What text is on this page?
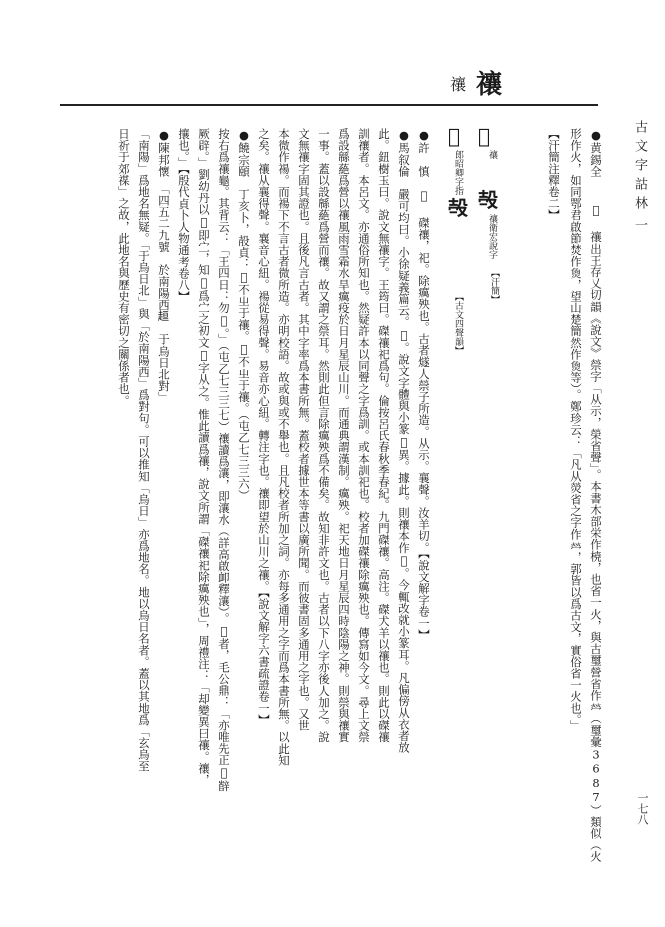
古文字詁林
一
一七八
禳
禳
𥜁
禳
𥜁
郎昭卿字指
𣪊
禳衛宏說字
𣪊
【汗簡】
【古文四聲韻】	●黄錫全　 𥜁 禳出王存乂切韻《說文》禜字「从示，榮省聲」。本書木部栄作𣓤，也省一火，與古璽營省作𤇾（璽彙3687）類似（火
形作火，如同鄂君啟節焚作𤋳，望山楚簡然作𤋳等）。鄭珍云：「凡从熒省之字作𤇾，郭皆以爲古文，實俗省一火也。」
【汗簡注釋卷二】
●許　慎　𥜁 磔禳，祀。除癘殃也。古者燧人禜子所造。从示。襄聲。汝羊切。【說文解字卷一】
●馬叙倫　嚴可均曰。小徐疑義篇云。𥜁。說文字體與小篆𥜁異。據此。則禳本作𥜁。今輒改就小篆耳。凡偏傍从衣者放
此。鈕樹玉曰。說文無禳字。王筠曰。磔禳祀爲句。倫按呂氏春秋季春紀。九門磔禳。高注。磔犬羊以禳也。則此以磔禳
訓禳者。本呂文。亦通俗所知也。然疑許本以同聲之字爲訓。或本訓祀也。校者加磔禳除癘殃也。傳寫如今文。尋上文禜
爲設緜蕝爲營以禳風雨雪霜水旱癘疫於日月星辰山川。而通典謂漢制。癘殃。祀天地日月星辰四時陰陽之神。則禜與禳實
一事。蓋以設緜蕝爲營而禳。故又謂之禜耳。然則此但言除癘殃爲不備矣。故知非許文也。古者以下八字亦後人加之。說
文無禳字固其證也。且後凡言古者。其中字率爲本書所無。蓋校者據世本等書以廣所聞。而彼書固多通用之字也。又世
本微作禓。而禓下不言古者微所造。亦明校語。故或與或不舉也。且凡校者所加之詞。亦每多通用之字而爲本書所無。以此知
之矣。禳从襄得聲。襄音心紐。禓從易得聲。易音亦心紐。轉注字也。禳即望於山川之禳。【說文解字六書疏證卷一】
●饒宗頤　丁亥卜，㱿貞：𡧊不㞢于禳。𡧊不㞢于禳。（屯乙七三三六）
按右爲禳龜。其背云：「王四日：勿𡧊。」（屯乙七三三七）禳讀爲瀼，即瀼水（詳高啟卹釋瀼）。𡧊者，毛公鼎：「亦唯先正𡧊辥
厥辟。」劉幼丹以𡧊即㝉，知𡧊爲㝉之初文𡧊字从之。惟此讀爲禳，說文所謂「磔禳祀除癘殃也」，周禮注：「却變異曰禳。禳，
攘也。」【殷代貞卜人物通考卷八】
●陳邦懷　「四五二九號　於南陽西𧻚　于烏日北對」
「南陽」爲地名無疑。「于烏日北」與「於南陽西」爲對句。可以推知「烏日」亦爲地名。地以烏日名者。蓋以其地爲「玄烏至
日祈于郊禖」之故，此地名與歷史有密切之關係者也。
